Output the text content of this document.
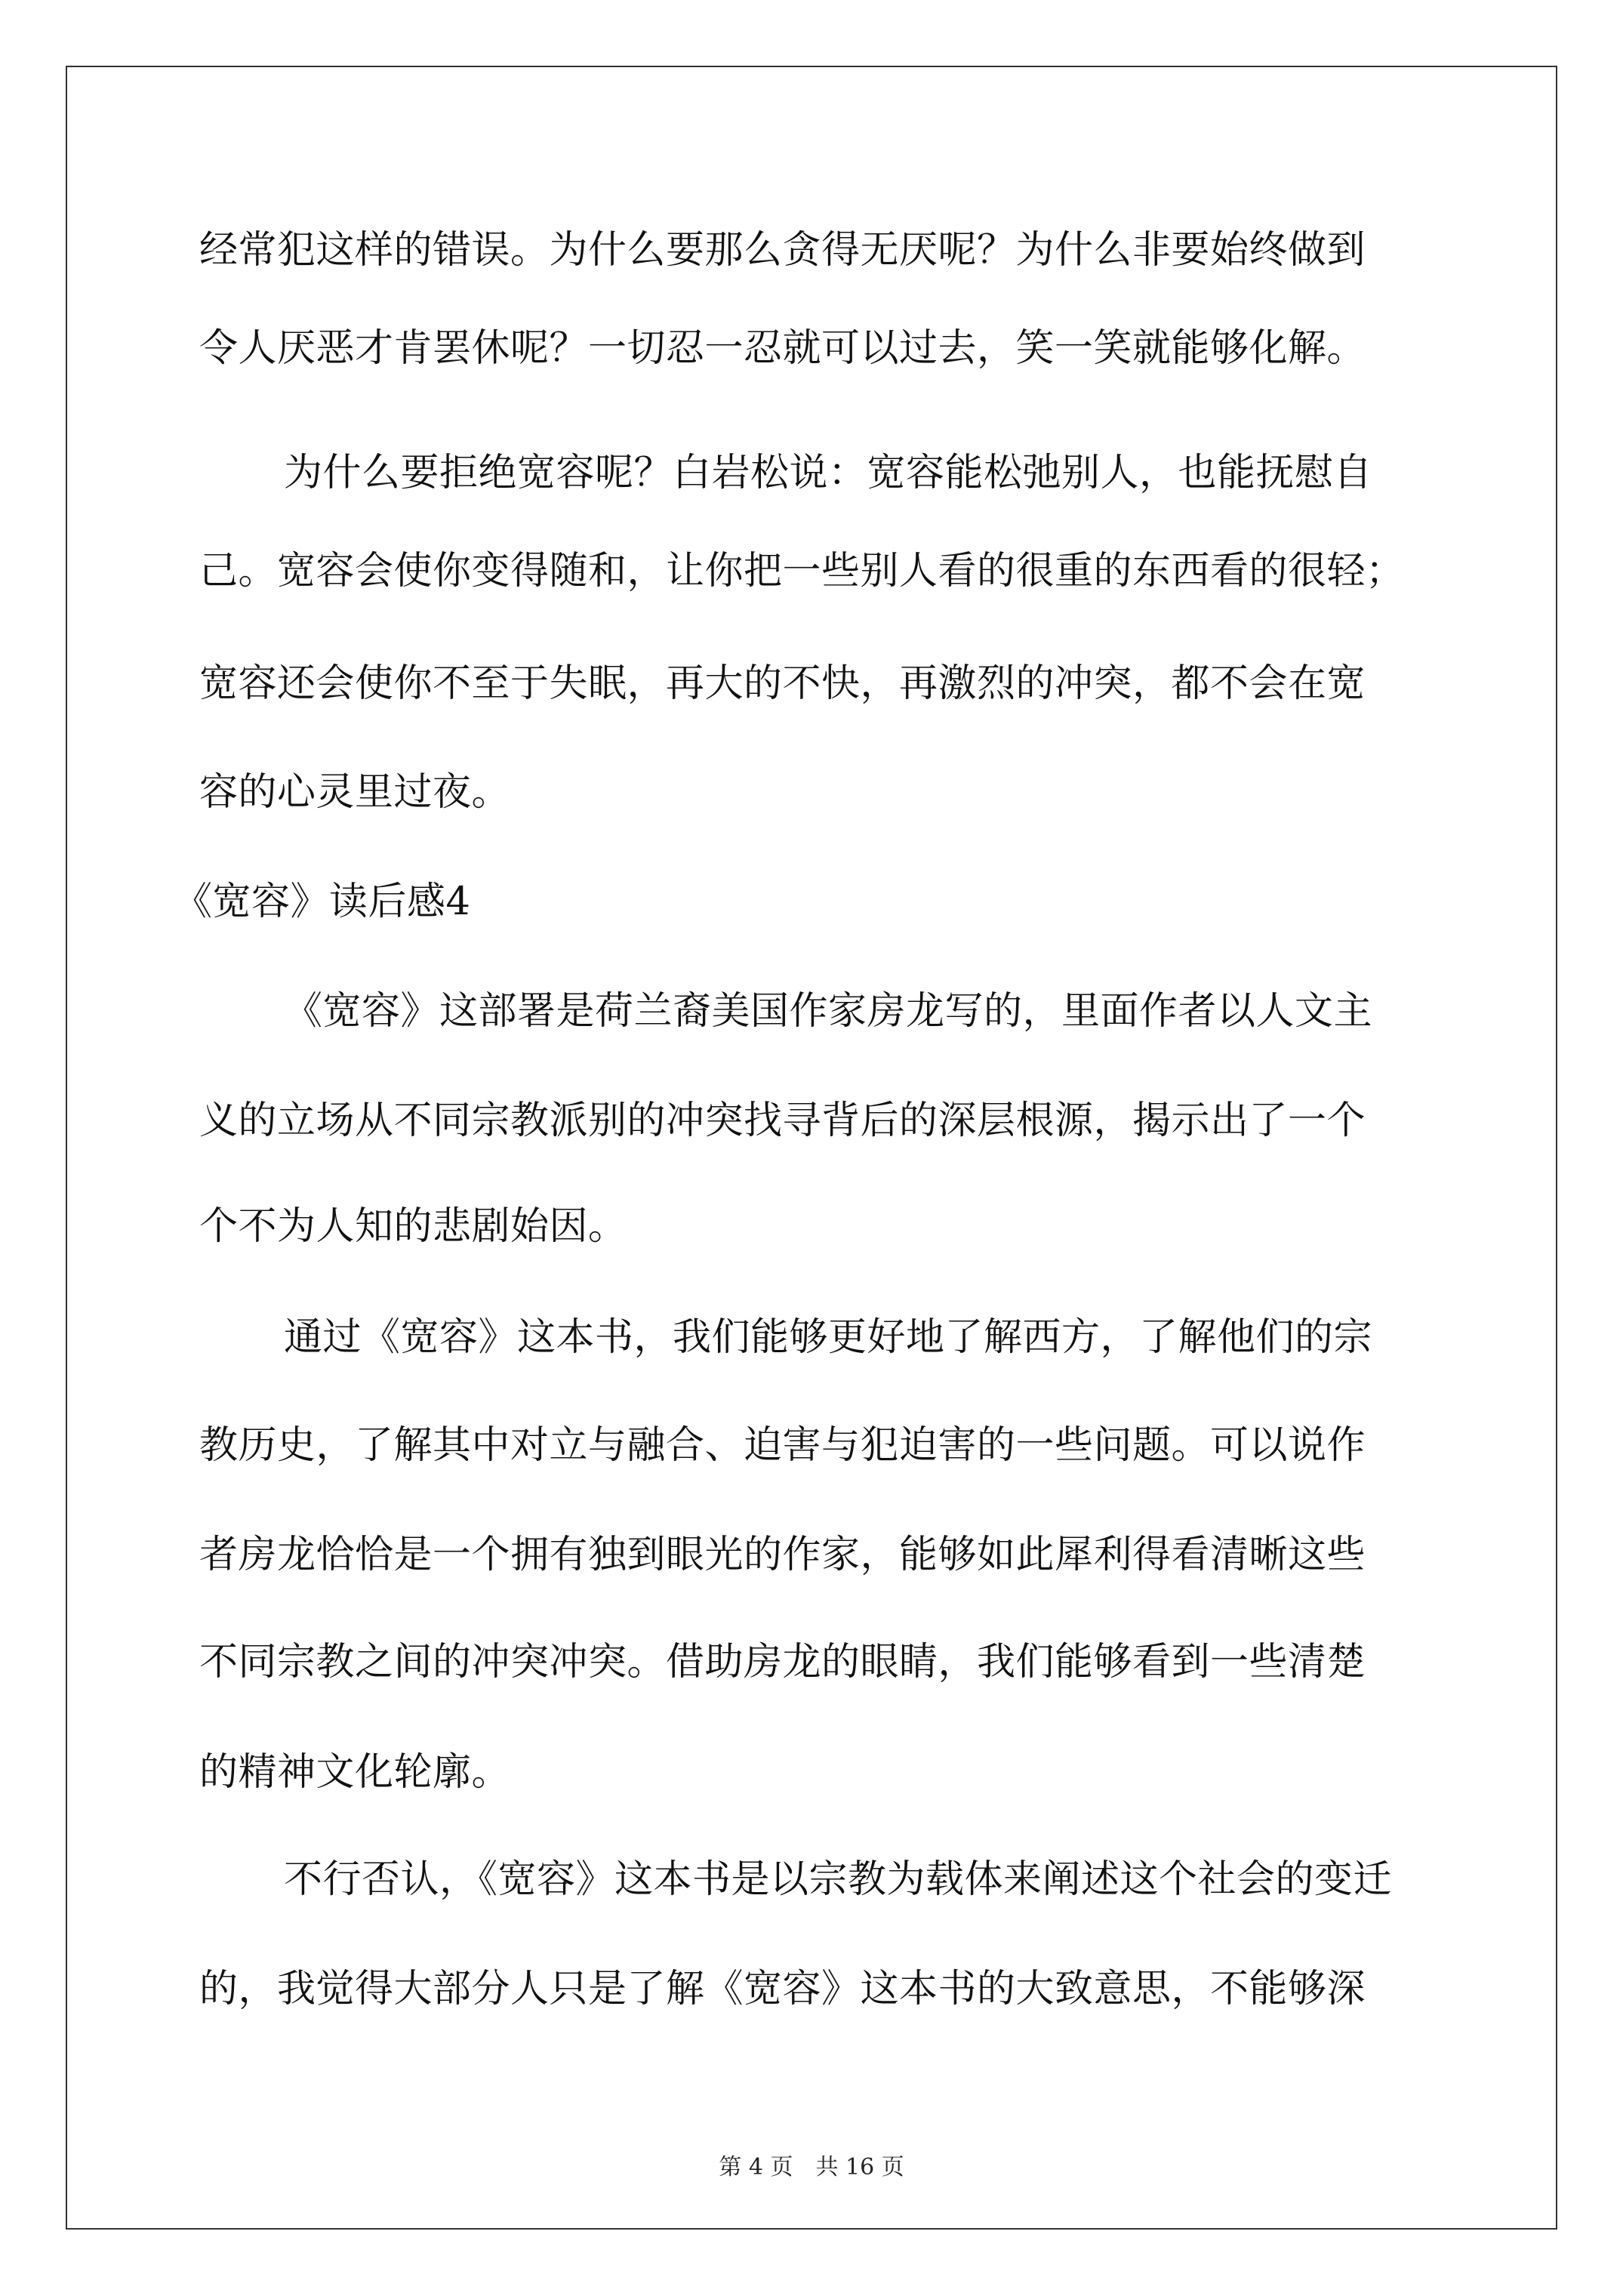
经常犯这样的错误。为什么要那么贪得无厌呢？为什么非要始终做到
令人厌恶才肯罢休呢？一切忍一忍就可以过去，笑一笑就能够化解。
为什么要拒绝宽容呢？白岩松说：宽容能松弛别人，也能抚慰自
己。宽容会使你变得随和，让你把一些别人看的很重的东西看的很轻；
宽容还会使你不至于失眠，再大的不快，再激烈的冲突，都不会在宽
容的心灵里过夜。
《宽容》读后感4
《宽容》这部署是荷兰裔美国作家房龙写的，里面作者以人文主
义的立场从不同宗教派别的冲突找寻背后的深层根源，揭示出了一个
个不为人知的悲剧始因。
通过《宽容》这本书，我们能够更好地了解西方，了解他们的宗
教历史，了解其中对立与融合、迫害与犯迫害的一些问题。可以说作
者房龙恰恰是一个拥有独到眼光的作家，能够如此犀利得看清晰这些
不同宗教之间的冲突冲突。借助房龙的眼睛，我们能够看到一些清楚
的精神文化轮廓。
不行否认，《宽容》这本书是以宗教为载体来阐述这个社会的变迁
的，我觉得大部分人只是了解《宽容》这本书的大致意思，不能够深
第 4 页　共 16 页
